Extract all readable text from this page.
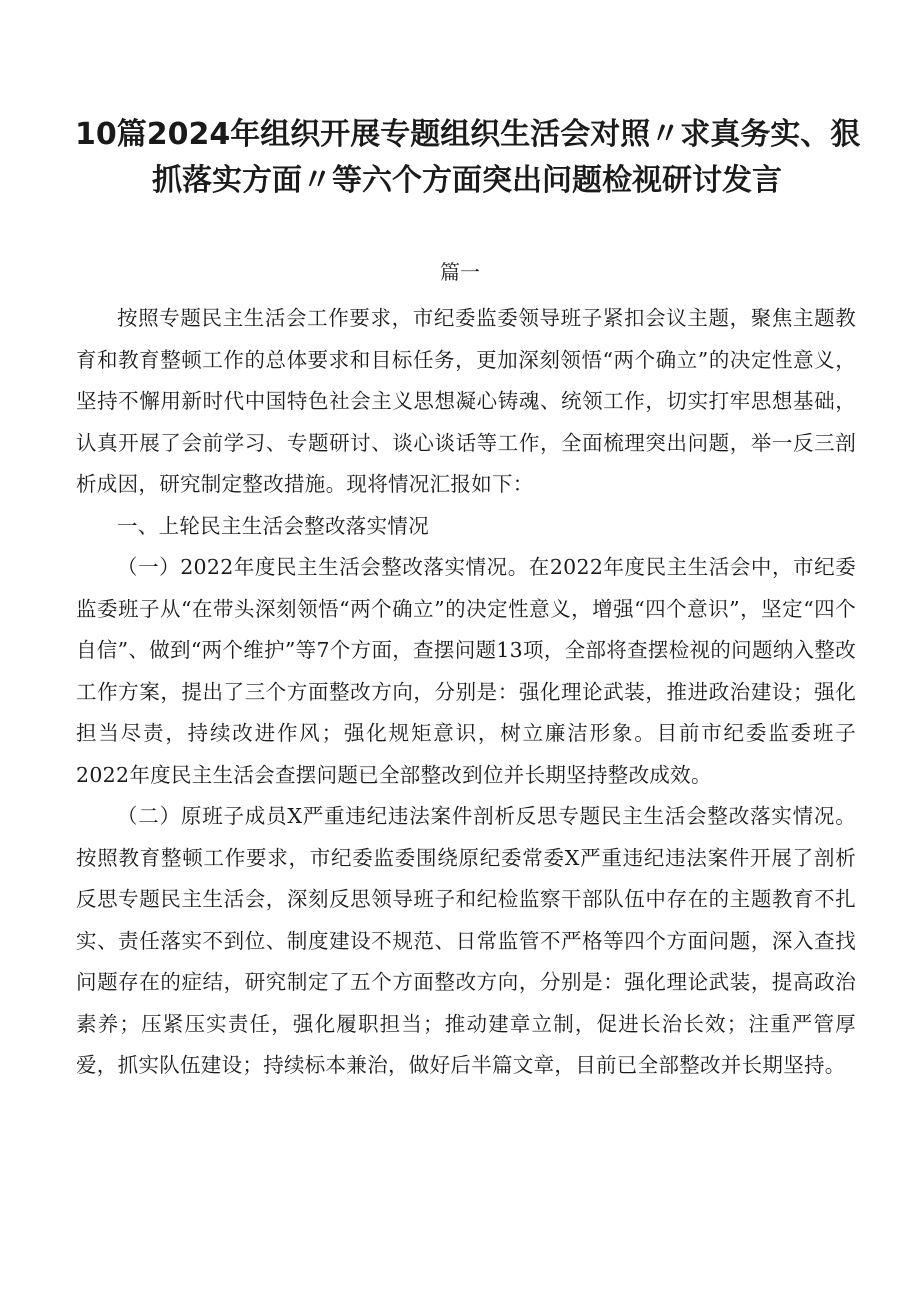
10篇2024年组织开展专题组织生活会对照〃求真务实、狠
抓落实方面〃等六个方面突出问题检视研讨发言
篇一

按照专题民主生活会工作要求，市纪委监委领导班子紧扣会议主题，聚焦主题教育和教育整顿工作的总体要求和目标任务，更加深刻领悟“两个确立”的决定性意义，坚持不懈用新时代中国特色社会主义思想凝心铸魂、统领工作，切实打牢思想基础，认真开展了会前学习、专题研讨、谈心谈话等工作，全面梳理突出问题，举一反三剖析成因，研究制定整改措施。现将情况汇报如下：

一、上轮民主生活会整改落实情况

（一）2022年度民主生活会整改落实情况。在2022年度民主生活会中，市纪委监委班子从“在带头深刻领悟“两个确立”的决定性意义，增强“四个意识”，坚定“四个自信”、做到“两个维护”等7个方面，查摆问题13项，全部将查摆检视的问题纳入整改工作方案，提出了三个方面整改方向，分别是：强化理论武装，推进政治建设；强化担当尽责，持续改进作风；强化规矩意识，树立廉洁形象。目前市纪委监委班子2022年度民主生活会查摆问题已全部整改到位并长期坚持整改成效。

（二）原班子成员X严重违纪违法案件剖析反思专题民主生活会整改落实情况。按照教育整顿工作要求，市纪委监委围绕原纪委常委X严重违纪违法案件开展了剖析反思专题民主生活会，深刻反思领导班子和纪检监察干部队伍中存在的主题教育不扎实、责任落实不到位、制度建设不规范、日常监管不严格等四个方面问题，深入查找问题存在的症结，研究制定了五个方面整改方向，分别是：强化理论武装，提高政治素养；压紧压实责任，强化履职担当；推动建章立制，促进长治长效；注重严管厚爱，抓实队伍建设；持续标本兼治，做好后半篇文章，目前已全部整改并长期坚持。
